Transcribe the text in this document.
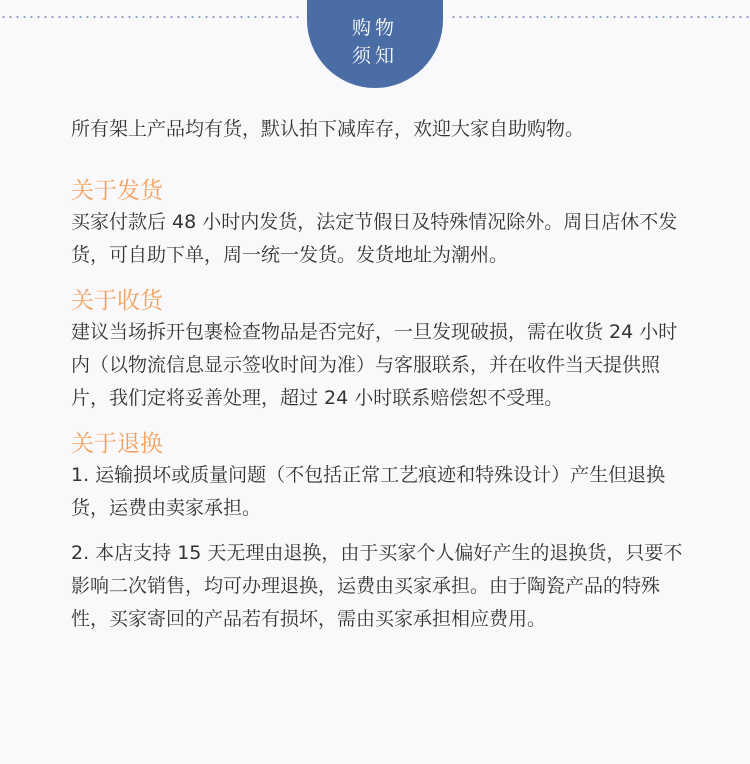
购物
须知

所有架上产品均有货，默认拍下减库存，欢迎大家自助购物。

关于发货

买家付款后 48 小时内发货，法定节假日及特殊情况除外。周日店休不发货，可自助下单，周一统一发货。发货地址为潮州。

关于收货

建议当场拆开包裹检查物品是否完好，一旦发现破损，需在收货 24 小时内（以物流信息显示签收时间为准）与客服联系，并在收件当天提供照片，我们定将妥善处理，超过 24 小时联系赔偿恕不受理。

关于退换

1. 运输损坏或质量问题（不包括正常工艺痕迹和特殊设计）产生但退换货，运费由卖家承担。

2. 本店支持 15 天无理由退换，由于买家个人偏好产生的退换货，只要不影响二次销售，均可办理退换，运费由买家承担。由于陶瓷产品的特殊性，买家寄回的产品若有损坏，需由买家承担相应费用。
